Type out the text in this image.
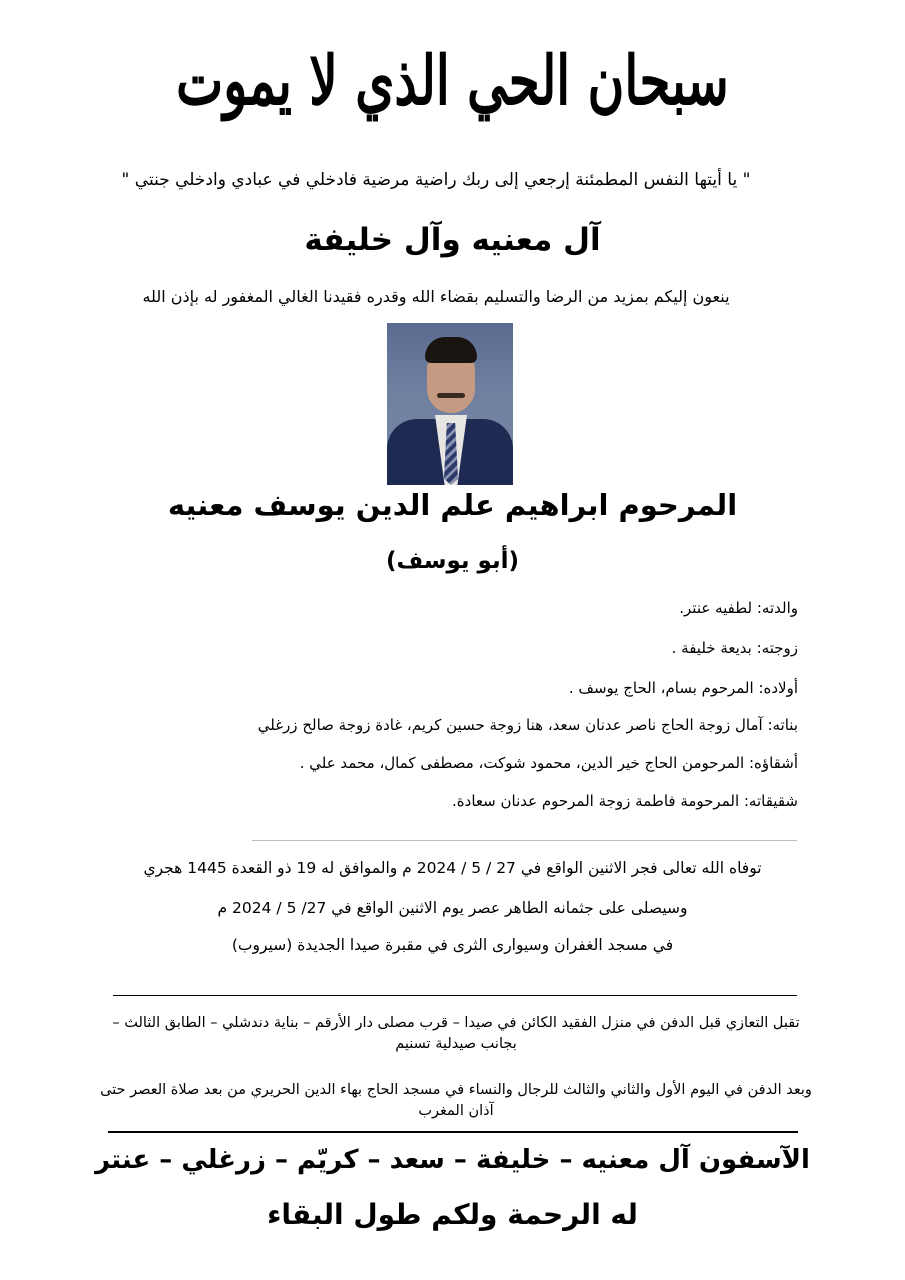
سبحان الحي الذي لا يموت
" يا أيتها النفس المطمئنة إرجعي إلى ربك راضية مرضية فادخلي في عبادي وادخلي جنتي "
آل معنيه وآل خليفة
ينعون إليكم بمزيد من الرضا والتسليم بقضاء الله وقدره فقيدنا الغالي المغفور له بإذن الله
المرحوم ابراهيم علم الدين يوسف معنيه
(أبو يوسف)
والدته: لطفيه عنتر.
زوجته: بديعة خليفة .
أولاده: المرحوم بسام، الحاج يوسف .
بناته: آمال زوجة الحاج ناصر عدنان سعد، هنا زوجة حسين كريم، غادة زوجة صالح زرغلي
أشقاؤه: المرحومن الحاج خير الدين، محمود شوكت، مصطفى كمال، محمد علي .
شقيقاته: المرحومة فاطمة زوجة المرحوم عدنان سعادة.
توفاه الله تعالى فجر الاثنين الواقع في 27 / 5 / 2024 م والموافق له 19 ذو القعدة 1445 هجري
وسيصلى على جثمانه الطاهر عصر يوم الاثنين الواقع في 27/ 5 / 2024 م
في مسجد الغفران وسيوارى الثرى في مقبرة صيدا الجديدة (سيروب)
تقبل التعازي قبل الدفن في منزل الفقيد الكائن في صيدا – قرب مصلى دار الأرقم – بناية دندشلي – الطابق الثالث – بجانب صيدلية تسنيم
وبعد الدفن في اليوم الأول والثاني والثالث للرجال والنساء في مسجد الحاج بهاء الدين الحريري من بعد صلاة العصر حتى آذان المغرب
الآسفون آل معنيه – خليفة – سعد – كريّم – زرغلي – عنتر
له الرحمة ولكم طول البقاء
